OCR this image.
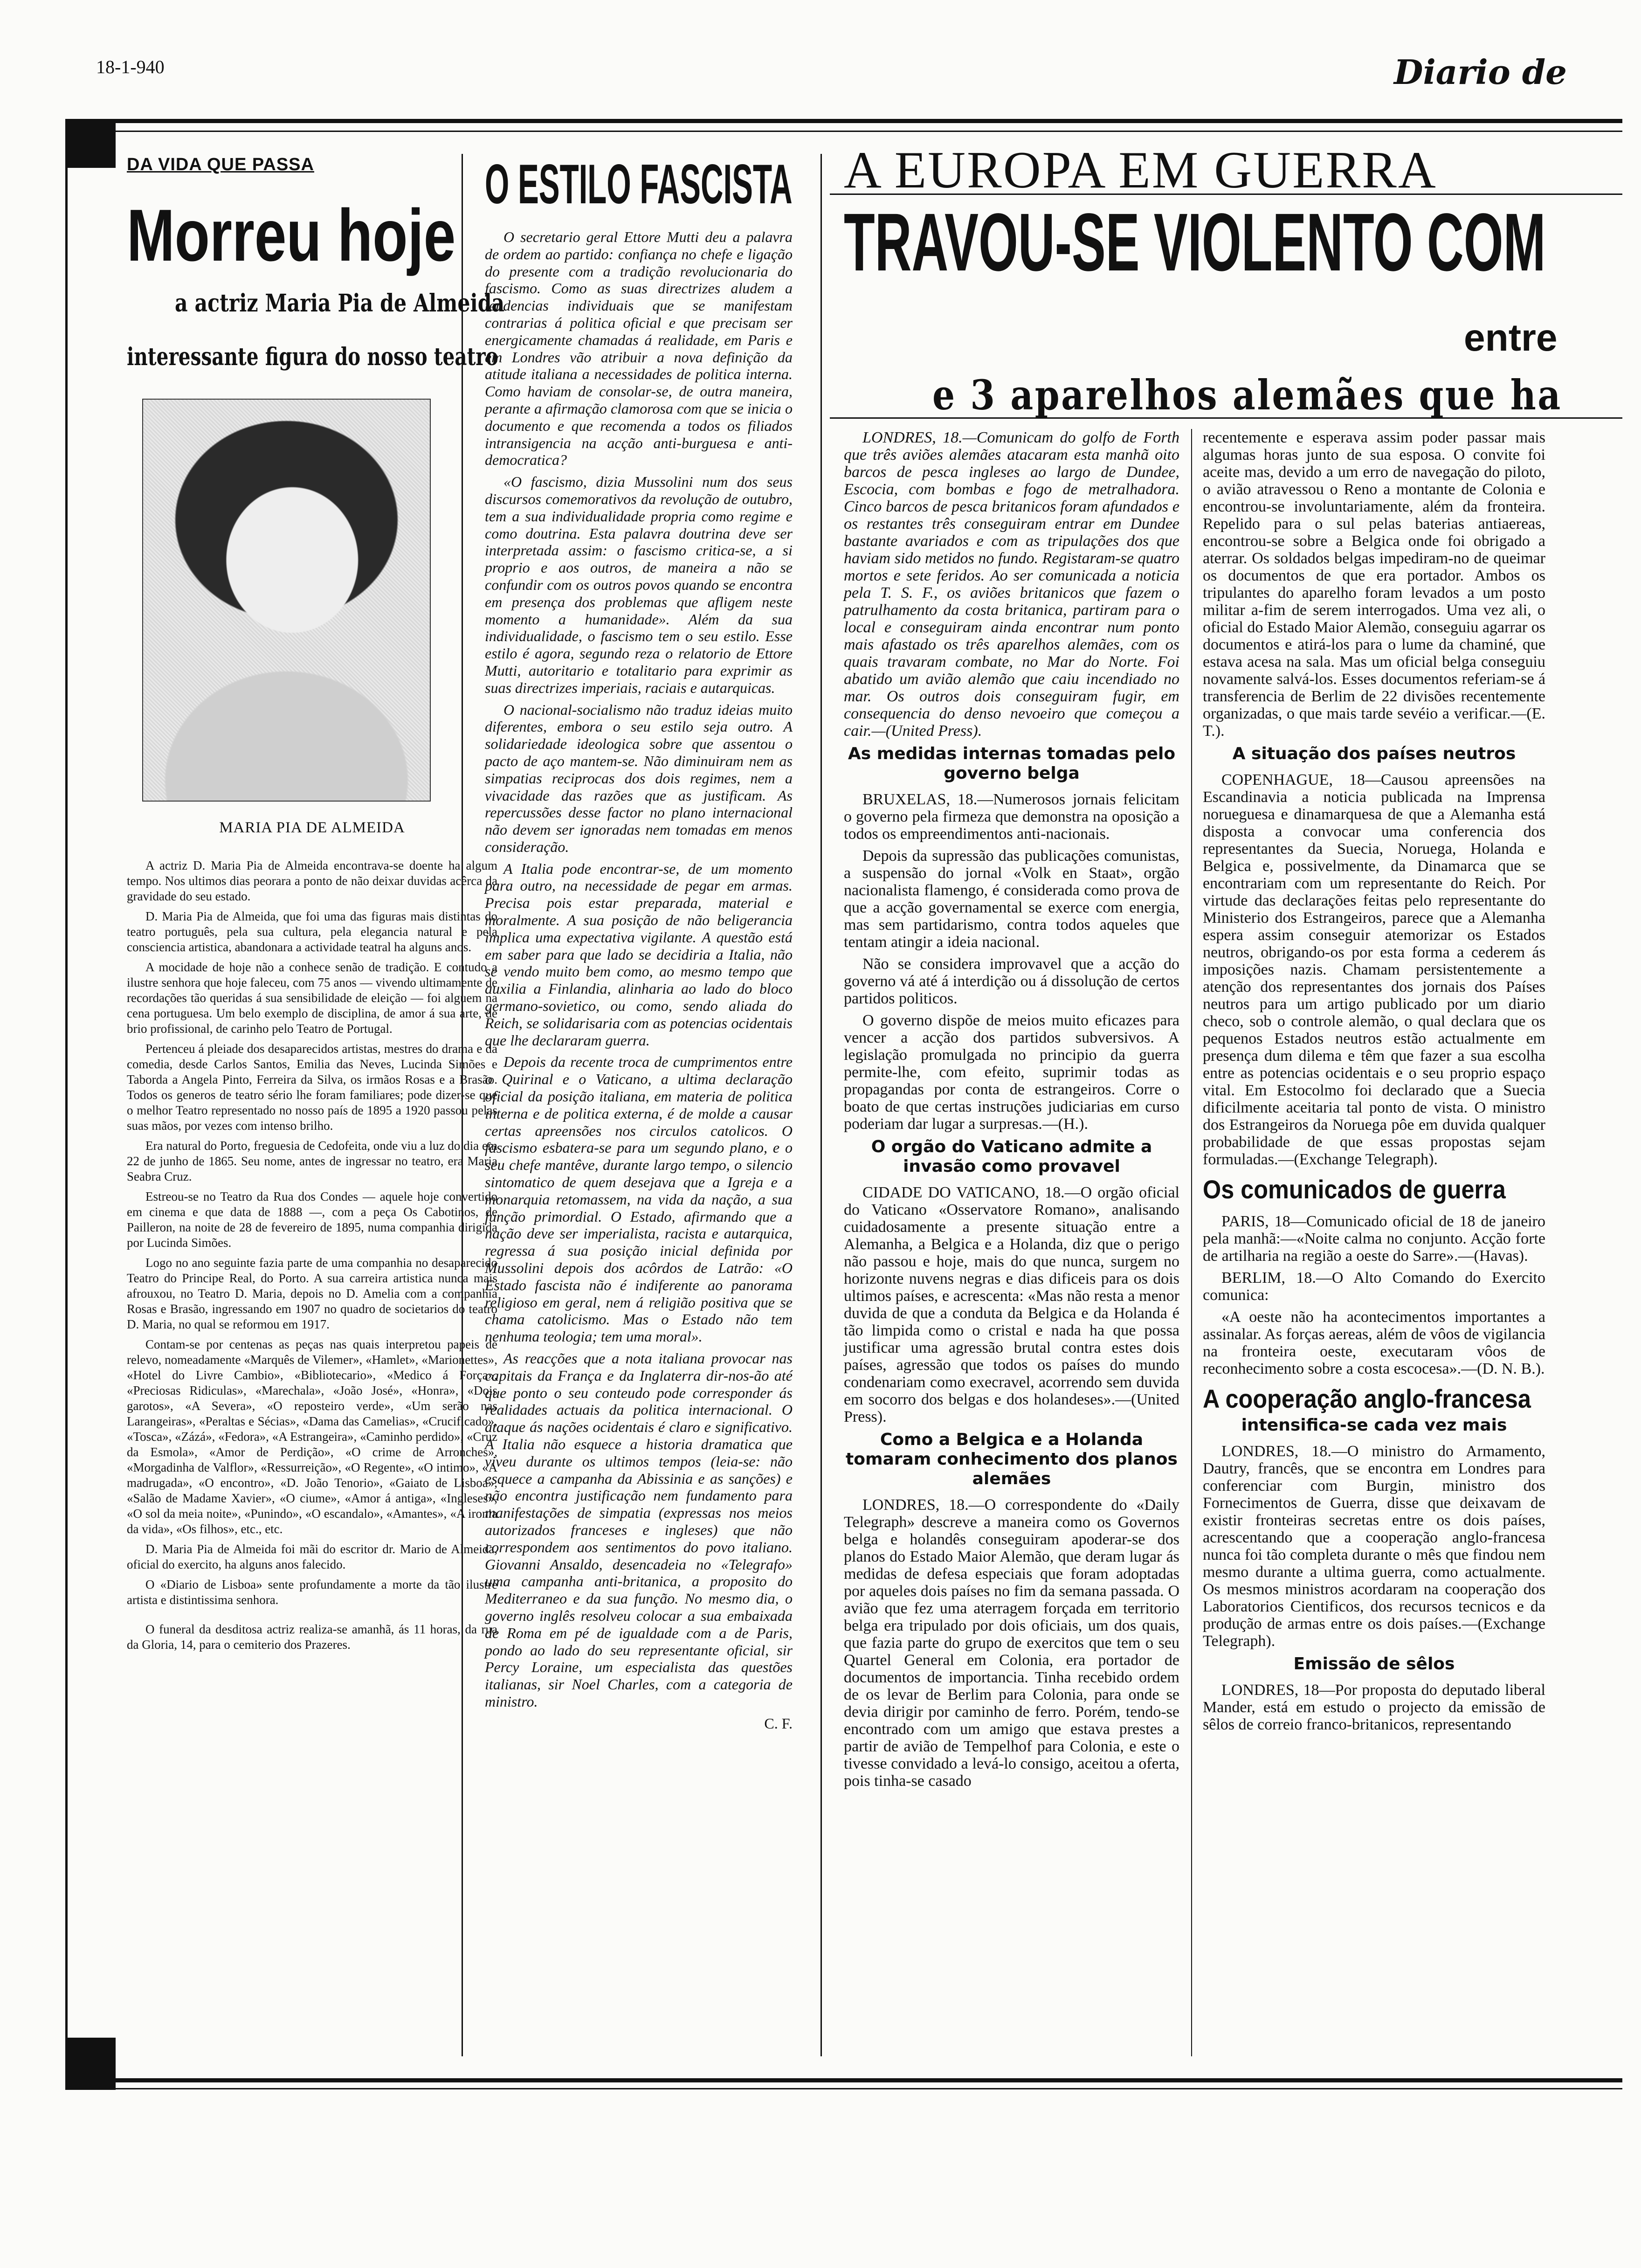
18-1-940	Diario de
DA VIDA QUE PASSA
Morreu hoje
a actriz Maria Pia de Almeida
interessante figura do nosso teatro
MARIA PIA DE ALMEIDA

A actriz D. Maria Pia de Almeida encontrava-se doente ha algum tempo. Nos ultimos dias peorara a ponto de não deixar duvidas acêrca da gravidade do seu estado.

D. Maria Pia de Almeida, que foi uma das figuras mais distintas do teatro português, pela sua cultura, pela elegancia natural e pela consciencia artistica, abandonara a actividade teatral ha alguns anos.

A mocidade de hoje não a conhece senão de tradição. E contudo a ilustre senhora que hoje faleceu, com 75 anos — vivendo ultimamente de recordações tão queridas á sua sensibilidade de eleição — foi alguem na cena portuguesa. Um belo exemplo de disciplina, de amor á sua arte, de brio profissional, de carinho pelo Teatro de Portugal.

Pertenceu á pleiade dos desaparecidos artistas, mestres do drama e da comedia, desde Carlos Santos, Emilia das Neves, Lucinda Simões e Taborda a Angela Pinto, Ferreira da Silva, os irmãos Rosas e a Brasão. Todos os generos de teatro sério lhe foram familiares; pode dizer-se que o melhor Teatro representado no nosso país de 1895 a 1920 passou pelas suas mãos, por vezes com intenso brilho.

Era natural do Porto, freguesia de Cedofeita, onde viu a luz do dia em 22 de junho de 1865. Seu nome, antes de ingressar no teatro, era Maria Seabra Cruz.

Estreou-se no Teatro da Rua dos Condes — aquele hoje convertido em cinema e que data de 1888 —, com a peça Os Cabotinos, de Pailleron, na noite de 28 de fevereiro de 1895, numa companhia dirigida por Lucinda Simões.

Logo no ano seguinte fazia parte de uma companhia no desaparecido Teatro do Principe Real, do Porto. A sua carreira artistica nunca mais afrouxou, no Teatro D. Maria, depois no D. Amelia com a companhia Rosas e Brasão, ingressando em 1907 no quadro de societarios do teatro D. Maria, no qual se reformou em 1917.

Contam-se por centenas as peças nas quais interpretou papeis de relevo, nomeadamente «Marquês de Vilemer», «Hamlet», «Marionettes», «Hotel do Livre Cambio», «Bibliotecario», «Medico á Força», «Preciosas Ridiculas», «Marechala», «João José», «Honra», «Dois garotos», «A Severa», «O reposteiro verde», «Um serão nas Larangeiras», «Peraltas e Sécias», «Dama das Camelias», «Crucificado», «Tosca», «Zázá», «Fedora», «A Estrangeira», «Caminho perdido», «Cruz da Esmola», «Amor de Perdição», «O crime de Arronches», «Morgadinha de Valflor», «Ressurreição», «O Regente», «O intimo», «A madrugada», «O encontro», «D. João Tenorio», «Gaiato de Lisboa», «Salão de Madame Xavier», «O ciume», «Amor á antiga», «Ingleses», «O sol da meia noite», «Punindo», «O escandalo», «Amantes», «A ironia da vida», «Os filhos», etc., etc.

D. Maria Pia de Almeida foi mãi do escritor dr. Mario de Almeida, oficial do exercito, ha alguns anos falecido.

O «Diario de Lisboa» sente profundamente a morte da tão ilustre artista e distintissima senhora.

O funeral da desditosa actriz realiza-se amanhã, ás 11 horas, da rua da Gloria, 14, para o cemiterio dos Prazeres.

O ESTILO FASCISTA

O secretario geral Ettore Mutti deu a palavra de ordem ao partido: confiança no chefe e ligação do presente com a tradição revolucionaria do fascismo. Como as suas directrizes aludem a tendencias individuais que se manifestam contrarias á politica oficial e que precisam ser energicamente chamadas á realidade, em Paris e em Londres vão atribuir a nova definição da atitude italiana a necessidades de politica interna. Como haviam de consolar-se, de outra maneira, perante a afirmação clamorosa com que se inicia o documento e que recomenda a todos os filiados intransigencia na acção anti-burguesa e anti-democratica?

«O fascismo, dizia Mussolini num dos seus discursos comemorativos da revolução de outubro, tem a sua individualidade propria como regime e como doutrina. Esta palavra doutrina deve ser interpretada assim: o fascismo critica-se, a si proprio e aos outros, de maneira a não se confundir com os outros povos quando se encontra em presença dos problemas que afligem neste momento a humanidade». Além da sua individualidade, o fascismo tem o seu estilo. Esse estilo é agora, segundo reza o relatorio de Ettore Mutti, autoritario e totalitario para exprimir as suas directrizes imperiais, raciais e autarquicas.

O nacional-socialismo não traduz ideias muito diferentes, embora o seu estilo seja outro. A solidariedade ideologica sobre que assentou o pacto de aço mantem-se. Não diminuiram nem as simpatias reciprocas dos dois regimes, nem a vivacidade das razões que as justificam. As repercussões desse factor no plano internacional não devem ser ignoradas nem tomadas em menos consideração.

A Italia pode encontrar-se, de um momento para outro, na necessidade de pegar em armas. Precisa pois estar preparada, material e moralmente. A sua posição de não beligerancia implica uma expectativa vigilante. A questão está em saber para que lado se decidiria a Italia, não se vendo muito bem como, ao mesmo tempo que auxilia a Finlandia, alinharia ao lado do bloco germano-sovietico, ou como, sendo aliada do Reich, se solidarisaria com as potencias ocidentais que lhe declararam guerra.

Depois da recente troca de cumprimentos entre o Quirinal e o Vaticano, a ultima declaração oficial da posição italiana, em materia de politica interna e de politica externa, é de molde a causar certas apreensões nos circulos catolicos. O fascismo esbatera-se para um segundo plano, e o seu chefe mantêve, durante largo tempo, o silencio sintomatico de quem desejava que a Igreja e a monarquia retomassem, na vida da nação, a sua função primordial. O Estado, afirmando que a nação deve ser imperialista, racista e autarquica, regressa á sua posição inicial definida por Mussolini depois dos acôrdos de Latrão: «O Estado fascista não é indiferente ao panorama religioso em geral, nem á religião positiva que se chama catolicismo. Mas o Estado não tem nenhuma teologia; tem uma moral».

As reacções que a nota italiana provocar nas capitais da França e da Inglaterra dir-nos-ão até que ponto o seu conteudo pode corresponder ás realidades actuais da politica internacional. O ataque ás nações ocidentais é claro e significativo. A Italia não esquece a historia dramatica que viveu durante os ultimos tempos (leia-se: não esquece a campanha da Abissinia e as sanções) e não encontra justificação nem fundamento para manifestações de simpatia (expressas nos meios autorizados franceses e ingleses) que não correspondem aos sentimentos do povo italiano. Giovanni Ansaldo, desencadeia no «Telegrafo» uma campanha anti-britanica, a proposito do Mediterraneo e da sua função. No mesmo dia, o governo inglês resolveu colocar a sua embaixada de Roma em pé de igualdade com a de Paris, pondo ao lado do seu representante oficial, sir Percy Loraine, um especialista das questões italianas, sir Noel Charles, com a categoria de ministro.

C. F.

A EUROPA EM GUERRA
TRAVOU-SE VIOLENTO COM
entre
e 3 aparelhos alemães que ha

LONDRES, 18.—Comunicam do golfo de Forth que três aviões alemães atacaram esta manhã oito barcos de pesca ingleses ao largo de Dundee, Escocia, com bombas e fogo de metralhadora. Cinco barcos de pesca britanicos foram afundados e os restantes três conseguiram entrar em Dundee bastante avariados e com as tripulações dos que haviam sido metidos no fundo. Registaram-se quatro mortos e sete feridos. Ao ser comunicada a noticia pela T. S. F., os aviões britanicos que fazem o patrulhamento da costa britanica, partiram para o local e conseguiram ainda encontrar num ponto mais afastado os três aparelhos alemães, com os quais travaram combate, no Mar do Norte. Foi abatido um avião alemão que caiu incendiado no mar. Os outros dois conseguiram fugir, em consequencia do denso nevoeiro que começou a cair.—(United Press).

As medidas internas tomadas pelo governo belga

BRUXELAS, 18.—Numerosos jornais felicitam o governo pela firmeza que demonstra na oposição a todos os empreendimentos anti-nacionais.

Depois da supressão das publicações comunistas, a suspensão do jornal «Volk en Staat», orgão nacionalista flamengo, é considerada como prova de que a acção governamental se exerce com energia, mas sem partidarismo, contra todos aqueles que tentam atingir a ideia nacional.

Não se considera improvavel que a acção do governo vá até á interdição ou á dissolução de certos partidos politicos.

O governo dispõe de meios muito eficazes para vencer a acção dos partidos subversivos. A legislação promulgada no principio da guerra permite-lhe, com efeito, suprimir todas as propagandas por conta de estrangeiros. Corre o boato de que certas instruções judiciarias em curso poderiam dar lugar a surpresas.—(H.).

O orgão do Vaticano admite a invasão como provavel

CIDADE DO VATICANO, 18.—O orgão oficial do Vaticano «Osservatore Romano», analisando cuidadosamente a presente situação entre a Alemanha, a Belgica e a Holanda, diz que o perigo não passou e hoje, mais do que nunca, surgem no horizonte nuvens negras e dias dificeis para os dois ultimos países, e acrescenta: «Mas não resta a menor duvida de que a conduta da Belgica e da Holanda é tão limpida como o cristal e nada ha que possa justificar uma agressão brutal contra estes dois países, agressão que todos os países do mundo condenariam como execravel, acorrendo sem duvida em socorro dos belgas e dos holandeses».—(United Press).

Como a Belgica e a Holanda tomaram conhecimento dos planos alemães

LONDRES, 18.—O correspondente do «Daily Telegraph» descreve a maneira como os Governos belga e holandês conseguiram apoderar-se dos planos do Estado Maior Alemão, que deram lugar ás medidas de defesa especiais que foram adoptadas por aqueles dois países no fim da semana passada. O avião que fez uma aterragem forçada em territorio belga era tripulado por dois oficiais, um dos quais, que fazia parte do grupo de exercitos que tem o seu Quartel General em Colonia, era portador de documentos de importancia. Tinha recebido ordem de os levar de Berlim para Colonia, para onde se devia dirigir por caminho de ferro. Porém, tendo-se encontrado com um amigo que estava prestes a partir de avião de Tempelhof para Colonia, e este o tivesse convidado a levá-lo consigo, aceitou a oferta, pois tinha-se casado

recentemente e esperava assim poder passar mais algumas horas junto de sua esposa. O convite foi aceite mas, devido a um erro de navegação do piloto, o avião atravessou o Reno a montante de Colonia e encontrou-se involuntariamente, além da fronteira. Repelido para o sul pelas baterias antiaereas, encontrou-se sobre a Belgica onde foi obrigado a aterrar. Os soldados belgas impediram-no de queimar os documentos de que era portador. Ambos os tripulantes do aparelho foram levados a um posto militar a-fim de serem interrogados. Uma vez ali, o oficial do Estado Maior Alemão, conseguiu agarrar os documentos e atirá-los para o lume da chaminé, que estava acesa na sala. Mas um oficial belga conseguiu novamente salvá-los. Esses documentos referiam-se á transferencia de Berlim de 22 divisões recentemente organizadas, o que mais tarde sevéio a verificar.—(E. T.).

A situação dos países neutros

COPENHAGUE, 18—Causou apreensões na Escandinavia a noticia publicada na Imprensa norueguesa e dinamarquesa de que a Alemanha está disposta a convocar uma conferencia dos representantes da Suecia, Noruega, Holanda e Belgica e, possivelmente, da Dinamarca que se encontrariam com um representante do Reich. Por virtude das declarações feitas pelo representante do Ministerio dos Estrangeiros, parece que a Alemanha espera assim conseguir atemorizar os Estados neutros, obrigando-os por esta forma a cederem ás imposições nazis. Chamam persistentemente a atenção dos representantes dos jornais dos Países neutros para um artigo publicado por um diario checo, sob o controle alemão, o qual declara que os pequenos Estados neutros estão actualmente em presença dum dilema e têm que fazer a sua escolha entre as potencias ocidentais e o seu proprio espaço vital. Em Estocolmo foi declarado que a Suecia dificilmente aceitaria tal ponto de vista. O ministro dos Estrangeiros da Noruega pôe em duvida qualquer probabilidade de que essas propostas sejam formuladas.—(Exchange Telegraph).

Os comunicados de guerra

PARIS, 18—Comunicado oficial de 18 de janeiro pela manhã:—«Noite calma no conjunto. Acção forte de artilharia na região a oeste do Sarre».—(Havas).

BERLIM, 18.—O Alto Comando do Exercito comunica:

«A oeste não ha acontecimentos importantes a assinalar. As forças aereas, além de vôos de vigilancia na fronteira oeste, executaram vôos de reconhecimento sobre a costa escocesa».—(D. N. B.).

A cooperação anglo-francesa
intensifica-se cada vez mais

LONDRES, 18.—O ministro do Armamento, Dautry, francês, que se encontra em Londres para conferenciar com Burgin, ministro dos Fornecimentos de Guerra, disse que deixavam de existir fronteiras secretas entre os dois países, acrescentando que a cooperação anglo-francesa nunca foi tão completa durante o mês que findou nem mesmo durante a ultima guerra, como actualmente. Os mesmos ministros acordaram na cooperação dos Laboratorios Cientificos, dos recursos tecnicos e da produção de armas entre os dois países.—(Exchange Telegraph).

Emissão de sêlos

LONDRES, 18—Por proposta do deputado liberal Mander, está em estudo o projecto da emissão de sêlos de correio franco-britanicos, representando
